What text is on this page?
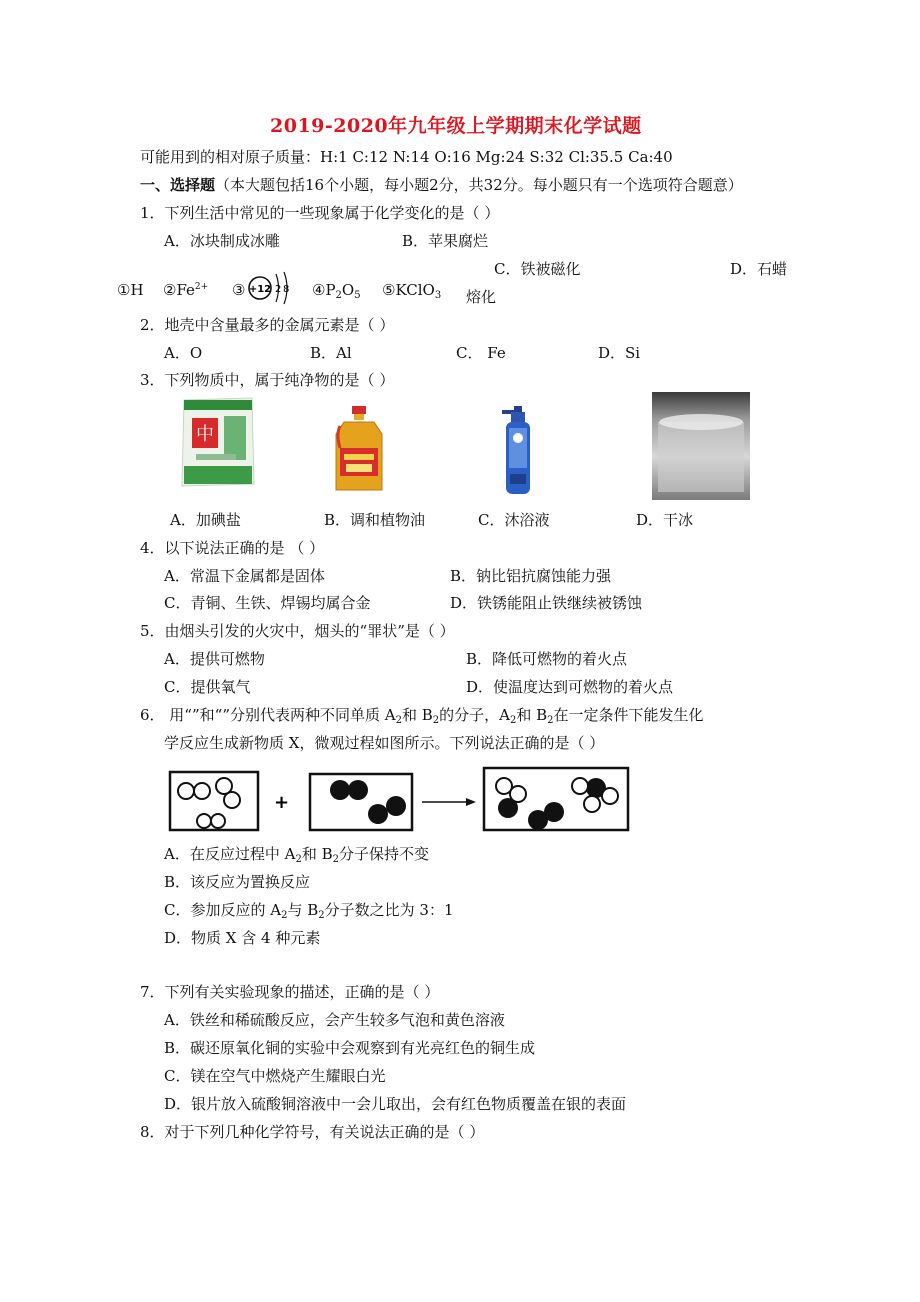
2019-2020年九年级上学期期末化学试题
可能用到的相对原子质量：H:1 C:12 N:14 O:16 Mg:24 S:32 Cl:35.5 Ca:40
一、选择题（本大题包括16个小题，每小题2分，共32分。每小题只有一个选项符合题意）
1．下列生活中常见的一些现象属于化学变化的是（ ）
A．冰块制成冰雕	B．苹果腐烂
C．铁被磁化	D．石蜡
熔化
①H $②Fe^{2+}$ ③ +12 2 8 $④P_2O_5$ ⑤KClO$_3$
2．地壳中含量最多的金属元素是（ ）
A．O	B．Al	C． Fe	D．Si
3．下列物质中，属于纯净物的是（ ）
中
A．加碘盐	B．调和植物油	C．沐浴液	D．干冰
4．以下说法正确的是 （ ）
A．常温下金属都是固体	B．钠比铝抗腐蚀能力强
C．青铜、生铁、焊锡均属合金	D．铁锈能阻止铁继续被锈蚀
5．由烟头引发的火灾中，烟头的“罪状”是（ ）
A．提供可燃物	B．降低可燃物的着火点
C．提供氧气	D．使温度达到可燃物的着火点
6． 用“”和“”分别代表两种不同单质 $A_2$和 $B_2$的分子，$A_2$和 $B_2$在一定条件下能发生化
学反应生成新物质 X，微观过程如图所示。下列说法正确的是（ ）
+
A．在反应过程中 $A_2$和 $B_2$分子保持不变
B．该反应为置换反应
C．参加反应的 $A_2$与 $B_2$分子数之比为 3：1
D．物质 X 含 4 种元素
7．下列有关实验现象的描述，正确的是（ ）
A．铁丝和稀硫酸反应，会产生较多气泡和黄色溶液
B．碳还原氧化铜的实验中会观察到有光亮红色的铜生成
C．镁在空气中燃烧产生耀眼白光
D．银片放入硫酸铜溶液中一会儿取出，会有红色物质覆盖在银的表面
8．对于下列几种化学符号，有关说法正确的是（ ）
